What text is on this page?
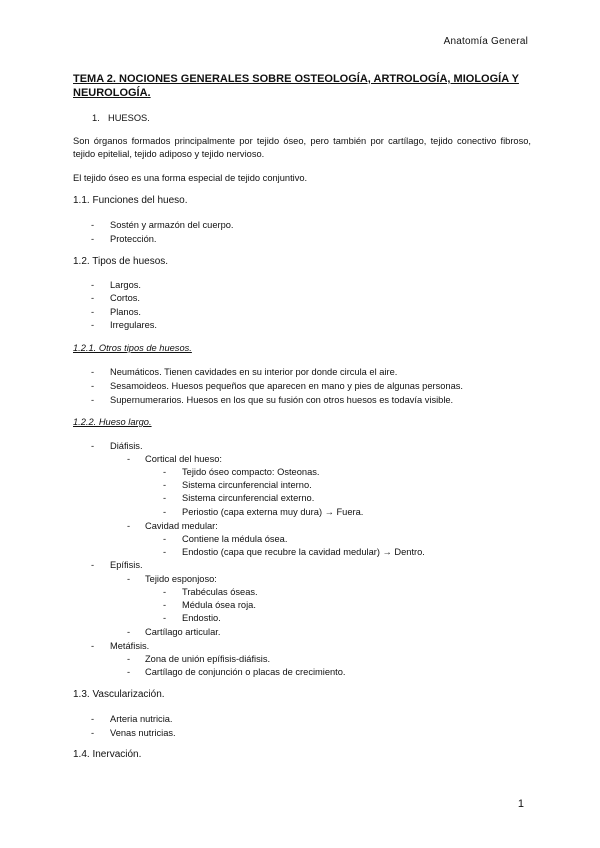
Anatomía General
TEMA 2. NOCIONES GENERALES SOBRE OSTEOLOGÍA, ARTROLOGÍA, MIOLOGÍA Y NEUROLOGÍA.
1. HUESOS.
Son órganos formados principalmente por tejido óseo, pero también por cartílago, tejido conectivo fibroso, tejido epitelial, tejido adiposo y tejido nervioso.
El tejido óseo es una forma especial de tejido conjuntivo.
1.1. Funciones del hueso.
- Sostén y armazón del cuerpo.
- Protección.
1.2. Tipos de huesos.
- Largos.
- Cortos.
- Planos.
- Irregulares.
1.2.1. Otros tipos de huesos.
- Neumáticos. Tienen cavidades en su interior por donde circula el aire.
- Sesamoideos. Huesos pequeños que aparecen en mano y pies de algunas personas.
- Supernumerarios. Huesos en los que su fusión con otros huesos es todavía visible.
1.2.2. Hueso largo.
- Diáfisis.
- Cortical del hueso:
- Tejido óseo compacto: Osteonas.
- Sistema circunferencial interno.
- Sistema circunferencial externo.
- Periostio (capa externa muy dura) → Fuera.
- Cavidad medular:
- Contiene la médula ósea.
- Endostio (capa que recubre la cavidad medular) → Dentro.
- Epífisis.
- Tejido esponjoso:
- Trabéculas óseas.
- Médula ósea roja.
- Endostio.
- Cartílago articular.
- Metáfisis.
- Zona de unión epífisis-diáfisis.
- Cartílago de conjunción o placas de crecimiento.
1.3. Vascularización.
- Arteria nutricia.
- Venas nutricias.
1.4. Inervación.
1
